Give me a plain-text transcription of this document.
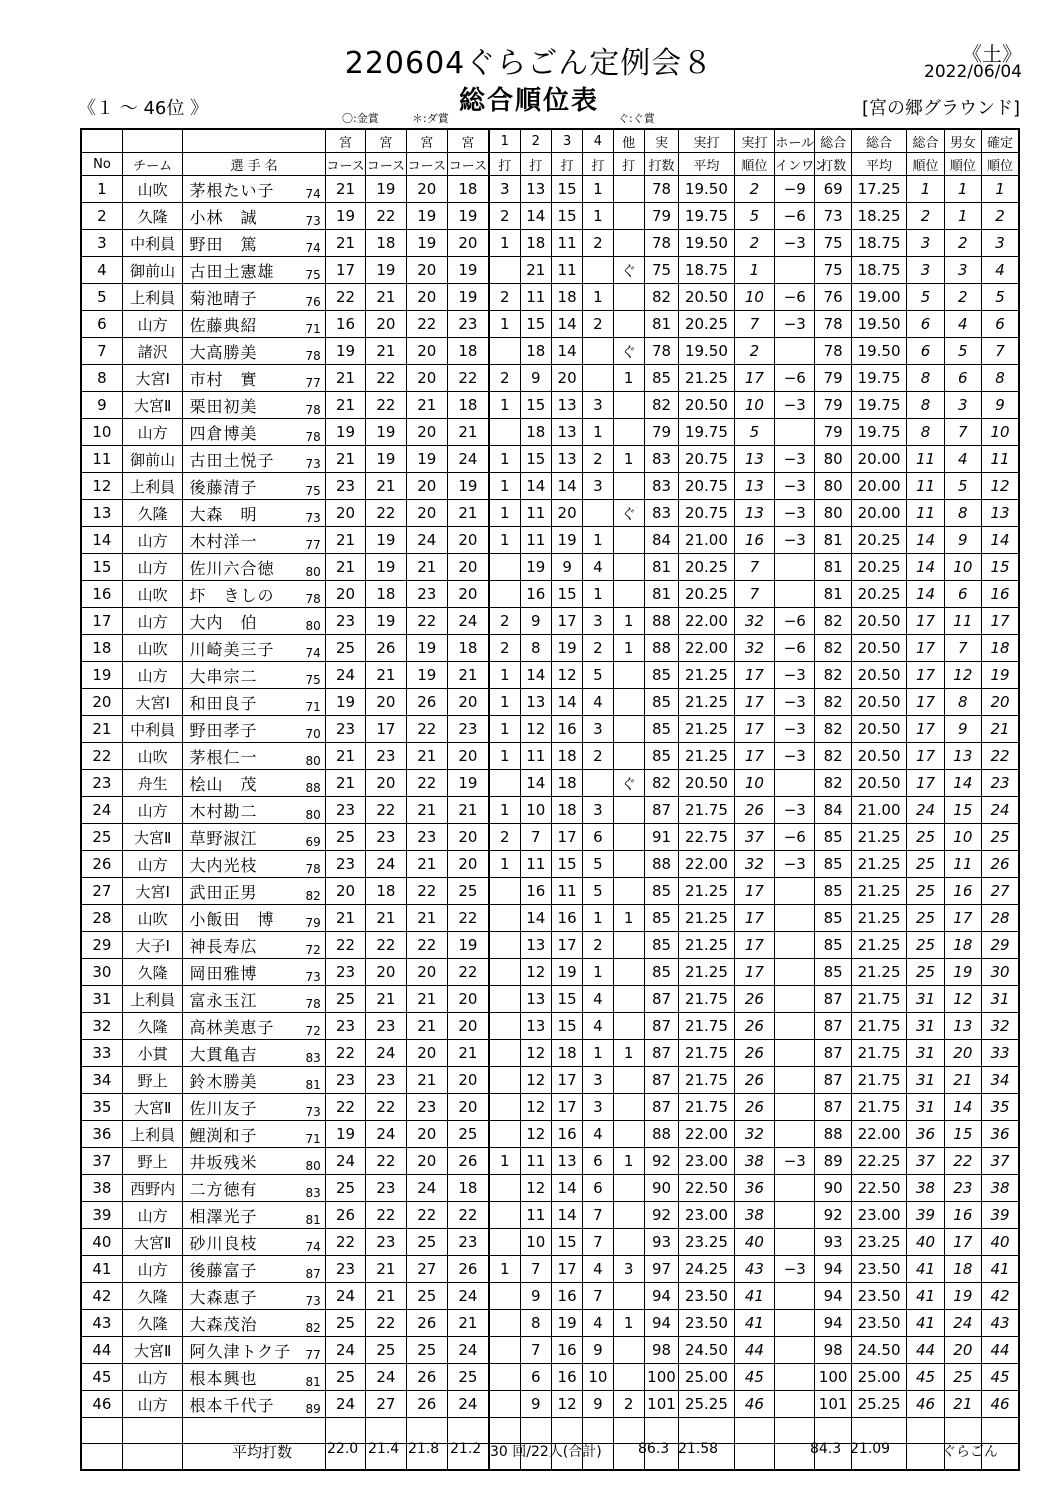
220604ぐらごん定例会８	《土》
2022/06/04
総合順位表
《１ ～ 46位 》	[宮の郷グラウンド]
〇:金賞	＊:ダ賞	ぐ:ぐ賞
			宮	宮	宮	宮	1	2	3	4	他	実	実打	実打	ホール	総合	総合	総合	男女	確定
No	チーム	選 手 名	コース	コース	コース	コース	打	打	打	打	打	打数	平均	順位	インワン	打数	平均	順位	順位	順位
1	山吹	茅根たい子 74	21	19	20	18	3	13	15	1		78	19.50	2	−9	69	17.25	1	1	1
2	久隆	小林　誠 73	19	22	19	19	2	14	15	1		79	19.75	5	−6	73	18.25	2	1	2
3	中利員	野田　篤 74	21	18	19	20	1	18	11	2		78	19.50	2	−3	75	18.75	3	2	3
4	御前山	古田土憲雄 75	17	19	20	19		21	11		ぐ	75	18.75	1		75	18.75	3	3	4
5	上利員	菊池晴子 76	22	21	20	19	2	11	18	1		82	20.50	10	−6	76	19.00	5	2	5
6	山方	佐藤典紹 71	16	20	22	23	1	15	14	2		81	20.25	7	−3	78	19.50	6	4	6
7	諸沢	大高勝美 78	19	21	20	18		18	14		ぐ	78	19.50	2		78	19.50	6	5	7
8	大宮Ⅰ	市村　實 77	21	22	20	22	2	9	20		1	85	21.25	17	−6	79	19.75	8	6	8
9	大宮Ⅱ	栗田初美 78	21	22	21	18	1	15	13	3		82	20.50	10	−3	79	19.75	8	3	9
10	山方	四倉博美 78	19	19	20	21		18	13	1		79	19.75	5		79	19.75	8	7	10
11	御前山	古田土悦子 73	21	19	19	24	1	15	13	2	1	83	20.75	13	−3	80	20.00	11	4	11
12	上利員	後藤清子 75	23	21	20	19	1	14	14	3		83	20.75	13	−3	80	20.00	11	5	12
13	久隆	大森　明 73	20	22	20	21	1	11	20		ぐ	83	20.75	13	−3	80	20.00	11	8	13
14	山方	木村洋一 77	21	19	24	20	1	11	19	1		84	21.00	16	−3	81	20.25	14	9	14
15	山方	佐川六合徳 80	21	19	21	20		19	9	4		81	20.25	7		81	20.25	14	10	15
16	山吹	圷　きしの 78	20	18	23	20		16	15	1		81	20.25	7		81	20.25	14	6	16
17	山方	大内　伯 80	23	19	22	24	2	9	17	3	1	88	22.00	32	−6	82	20.50	17	11	17
18	山吹	川崎美三子 74	25	26	19	18	2	8	19	2	1	88	22.00	32	−6	82	20.50	17	7	18
19	山方	大串宗二 75	24	21	19	21	1	14	12	5		85	21.25	17	−3	82	20.50	17	12	19
20	大宮Ⅰ	和田良子 71	19	20	26	20	1	13	14	4		85	21.25	17	−3	82	20.50	17	8	20
21	中利員	野田孝子 70	23	17	22	23	1	12	16	3		85	21.25	17	−3	82	20.50	17	9	21
22	山吹	茅根仁一 80	21	23	21	20	1	11	18	2		85	21.25	17	−3	82	20.50	17	13	22
23	舟生	桧山　茂 88	21	20	22	19		14	18		ぐ	82	20.50	10		82	20.50	17	14	23
24	山方	木村勘二 80	23	22	21	21	1	10	18	3		87	21.75	26	−3	84	21.00	24	15	24
25	大宮Ⅱ	草野淑江 69	25	23	23	20	2	7	17	6		91	22.75	37	−6	85	21.25	25	10	25
26	山方	大内光枝 78	23	24	21	20	1	11	15	5		88	22.00	32	−3	85	21.25	25	11	26
27	大宮Ⅰ	武田正男 82	20	18	22	25		16	11	5		85	21.25	17		85	21.25	25	16	27
28	山吹	小飯田　博 79	21	21	21	22		14	16	1	1	85	21.25	17		85	21.25	25	17	28
29	大子Ⅰ	神長寿広 72	22	22	22	19		13	17	2		85	21.25	17		85	21.25	25	18	29
30	久隆	岡田雅博 73	23	20	20	22		12	19	1		85	21.25	17		85	21.25	25	19	30
31	上利員	富永玉江 78	25	21	21	20		13	15	4		87	21.75	26		87	21.75	31	12	31
32	久隆	高林美恵子 72	23	23	21	20		13	15	4		87	21.75	26		87	21.75	31	13	32
33	小貫	大貫亀吉 83	22	24	20	21		12	18	1	1	87	21.75	26		87	21.75	31	20	33
34	野上	鈴木勝美 81	23	23	21	20		12	17	3		87	21.75	26		87	21.75	31	21	34
35	大宮Ⅱ	佐川友子 73	22	22	23	20		12	17	3		87	21.75	26		87	21.75	31	14	35
36	上利員	鯉渕和子 71	19	24	20	25		12	16	4		88	22.00	32		88	22.00	36	15	36
37	野上	井坂残米 80	24	22	20	26	1	11	13	6	1	92	23.00	38	−3	89	22.25	37	22	37
38	西野内	二方徳有 83	25	23	24	18		12	14	6		90	22.50	36		90	22.50	38	23	38
39	山方	相澤光子 81	26	22	22	22		11	14	7		92	23.00	38		92	23.00	39	16	39
40	大宮Ⅱ	砂川良枝 74	22	23	25	23		10	15	7		93	23.25	40		93	23.25	40	17	40
41	山方	後藤富子 87	23	21	27	26	1	7	17	4	3	97	24.25	43	−3	94	23.50	41	18	41
42	久隆	大森恵子 73	24	21	25	24		9	16	7		94	23.50	41		94	23.50	41	19	42
43	久隆	大森茂治 82	25	22	26	21		8	19	4	1	94	23.50	41		94	23.50	41	24	43
44	大宮Ⅱ	阿久津トク子 77	24	25	25	24		7	16	9		98	24.50	44		98	24.50	44	20	44
45	山方	根本興也 81	25	24	26	25		6	16	10		100	25.00	45		100	25.00	45	25	45
46	山方	根本千代子 89	24	27	26	24		9	12	9	2	101	25.25	46		101	25.25	46	21	46

平均打数 22.0 21.4 21.8 21.2 30 回/22人(合計)	86.3 21.58	84.3 21.09	ぐらごん
